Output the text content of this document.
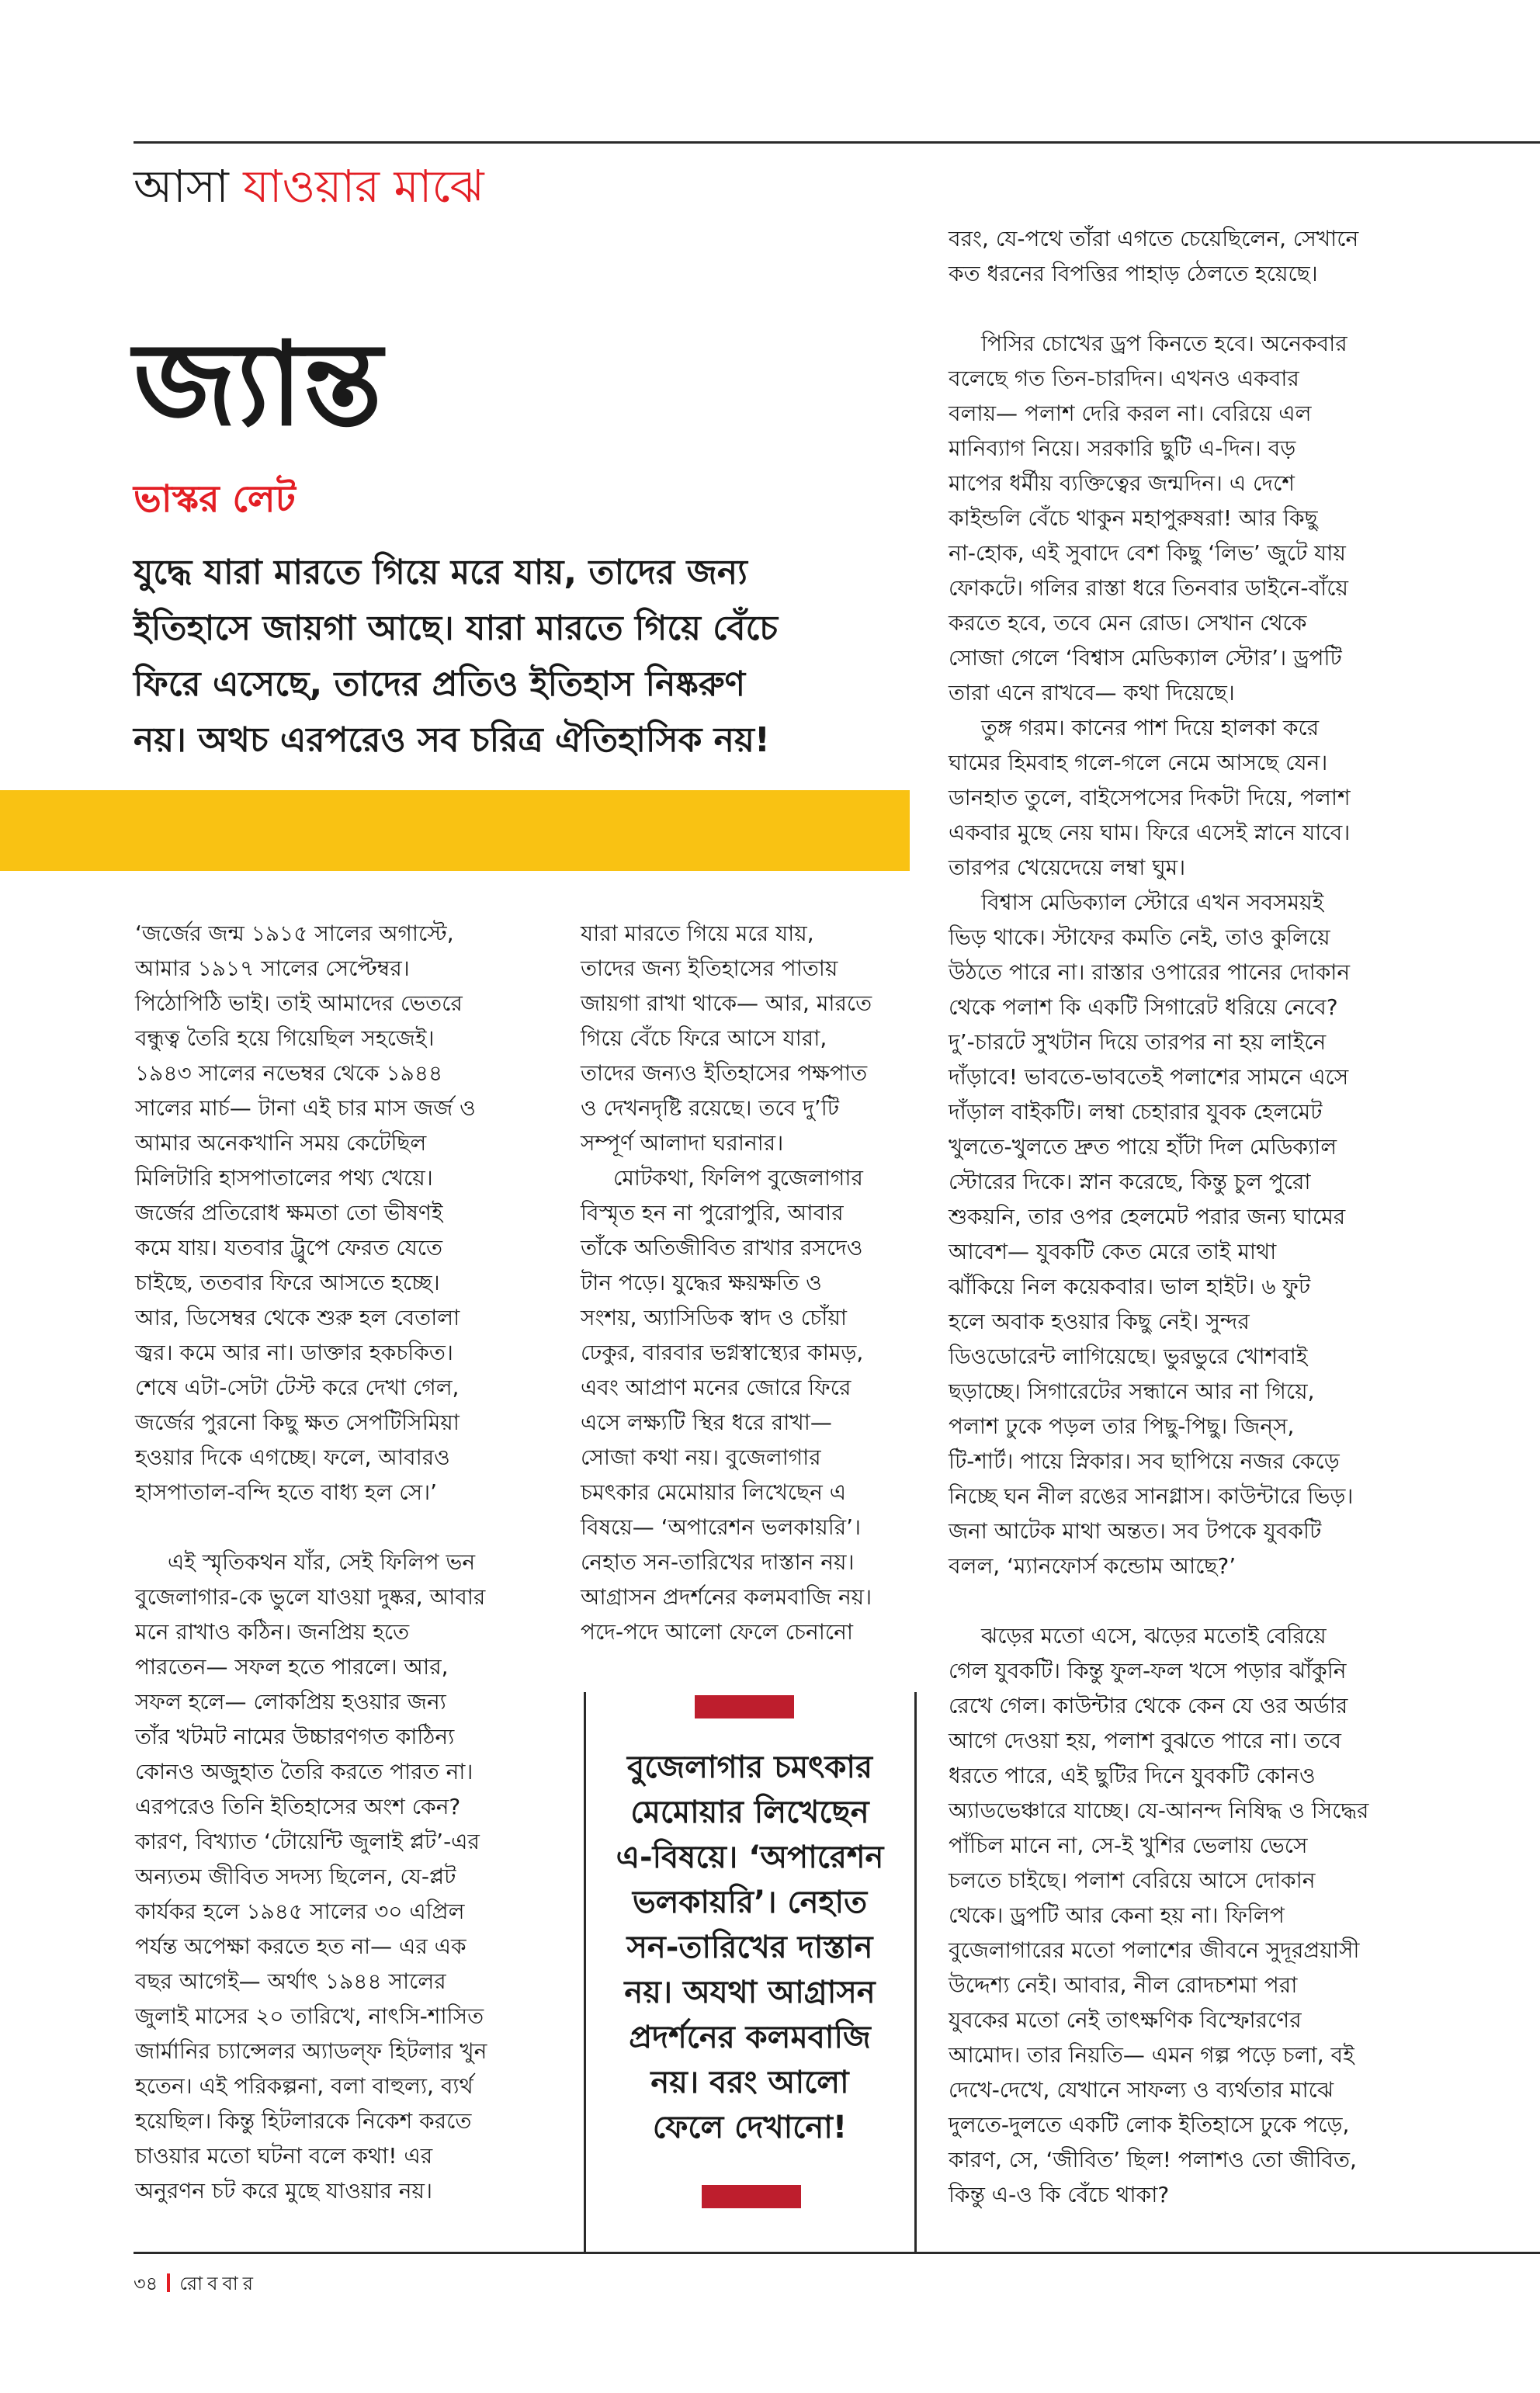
আসা যাওয়ার মাঝে
জ্যান্ত
ভাস্কর লেট
যুদ্ধে যারা মারতে গিয়ে মরে যায়, তাদের জন্য
ইতিহাসে জায়গা আছে। যারা মারতে গিয়ে বেঁচে
ফিরে এসেছে, তাদের প্রতিও ইতিহাস নিষ্করুণ
নয়। অথচ এরপরেও সব চরিত্র ঐতিহাসিক নয়!
‘জর্জের জন্ম ১৯১৫ সালের অগাস্টে,
আমার ১৯১৭ সালের সেপ্টেম্বর।
পিঠোপিঠি ভাই। তাই আমাদের ভেতরে
বন্ধুত্ব তৈরি হয়ে গিয়েছিল সহজেই।
১৯৪৩ সালের নভেম্বর থেকে ১৯৪৪
সালের মার্চ— টানা এই চার মাস জর্জ ও
আমার অনেকখানি সময় কেটেছিল
মিলিটারি হাসপাতালের পথ্য খেয়ে।
জর্জের প্রতিরোধ ক্ষমতা তো ভীষণই
কমে যায়। যতবার ট্রুপে ফেরত যেতে
চাইছে, ততবার ফিরে আসতে হচ্ছে।
আর, ডিসেম্বর থেকে শুরু হল বেতালা
জ্বর। কমে আর না। ডাক্তার হকচকিত।
শেষে এটা-সেটা টেস্ট করে দেখা গেল,
জর্জের পুরনো কিছু ক্ষত সেপটিসিমিয়া
হওয়ার দিকে এগচ্ছে। ফলে, আবারও
হাসপাতাল-বন্দি হতে বাধ্য হল সে।’
এই স্মৃতিকথন যাঁর, সেই ফিলিপ ভন
বুজেলাগার-কে ভুলে যাওয়া দুষ্কর, আবার
মনে রাখাও কঠিন। জনপ্রিয় হতে
পারতেন— সফল হতে পারলে। আর,
সফল হলে— লোকপ্রিয় হওয়ার জন্য
তাঁর খটমট নামের উচ্চারণগত কাঠিন্য
কোনও অজুহাত তৈরি করতে পারত না।
এরপরেও তিনি ইতিহাসের অংশ কেন?
কারণ, বিখ্যাত ‘টোয়েন্টি জুলাই প্লট’-এর
অন্যতম জীবিত সদস্য ছিলেন, যে-প্লট
কার্যকর হলে ১৯৪৫ সালের ৩০ এপ্রিল
পর্যন্ত অপেক্ষা করতে হত না— এর এক
বছর আগেই— অর্থাৎ ১৯৪৪ সালের
জুলাই মাসের ২০ তারিখে, নাৎসি-শাসিত
জার্মানির চ্যান্সেলর অ্যাডল্‌ফ হিটলার খুন
হতেন। এই পরিকল্পনা, বলা বাহুল্য, ব্যর্থ
হয়েছিল। কিন্তু হিটলারকে নিকেশ করতে
চাওয়ার মতো ঘটনা বলে কথা! এর
অনুরণন চট করে মুছে যাওয়ার নয়।
যারা মারতে গিয়ে মরে যায়,
তাদের জন্য ইতিহাসের পাতায়
জায়গা রাখা থাকে— আর, মারতে
গিয়ে বেঁচে ফিরে আসে যারা,
তাদের জন্যও ইতিহাসের পক্ষপাত
ও দেখনদৃষ্টি রয়েছে। তবে দু’টি
সম্পূর্ণ আলাদা ঘরানার।
মোটকথা, ফিলিপ বুজেলাগার
বিস্মৃত হন না পুরোপুরি, আবার
তাঁকে অতিজীবিত রাখার রসদেও
টান পড়ে। যুদ্ধের ক্ষয়ক্ষতি ও
সংশয়, অ্যাসিডিক স্বাদ ও চোঁয়া
ঢেকুর, বারবার ভগ্নস্বাস্থ্যের কামড়,
এবং আপ্রাণ মনের জোরে ফিরে
এসে লক্ষ্যটি স্থির ধরে রাখা—
সোজা কথা নয়। বুজেলাগার
চমৎকার মেমোয়ার লিখেছেন এ
বিষয়ে— ‘অপারেশন ভলকায়রি’।
নেহাত সন-তারিখের দাস্তান নয়।
আগ্রাসন প্রদর্শনের কলমবাজি নয়।
পদে-পদে আলো ফেলে চেনানো
বরং, যে-পথে তাঁরা এগতে চেয়েছিলেন, সেখানে
কত ধরনের বিপত্তির পাহাড় ঠেলতে হয়েছে।
পিসির চোখের ড্রপ কিনতে হবে। অনেকবার
বলেছে গত তিন-চারদিন। এখনও একবার
বলায়— পলাশ দেরি করল না। বেরিয়ে এল
মানিব্যাগ নিয়ে। সরকারি ছুটি এ-দিন। বড়
মাপের ধর্মীয় ব্যক্তিত্বের জন্মদিন। এ দেশে
কাইন্ডলি বেঁচে থাকুন মহাপুরুষরা! আর কিছু
না-হোক, এই সুবাদে বেশ কিছু ‘লিভ’ জুটে যায়
ফোকটে। গলির রাস্তা ধরে তিনবার ডাইনে-বাঁয়ে
করতে হবে, তবে মেন রোড। সেখান থেকে
সোজা গেলে ‘বিশ্বাস মেডিক্যাল স্টোর’। ড্রপটি
তারা এনে রাখবে— কথা দিয়েছে।
তুঙ্গ গরম। কানের পাশ দিয়ে হালকা করে
ঘামের হিমবাহ গলে-গলে নেমে আসছে যেন।
ডানহাত তুলে, বাইসেপসের দিকটা দিয়ে, পলাশ
একবার মুছে নেয় ঘাম। ফিরে এসেই স্নানে যাবে।
তারপর খেয়েদেয়ে লম্বা ঘুম।
বিশ্বাস মেডিক্যাল স্টোরে এখন সবসময়ই
ভিড় থাকে। স্টাফের কমতি নেই, তাও কুলিয়ে
উঠতে পারে না। রাস্তার ওপারের পানের দোকান
থেকে পলাশ কি একটি সিগারেট ধরিয়ে নেবে?
দু’-চারটে সুখটান দিয়ে তারপর না হয় লাইনে
দাঁড়াবে! ভাবতে-ভাবতেই পলাশের সামনে এসে
দাঁড়াল বাইকটি। লম্বা চেহারার যুবক হেলমেট
খুলতে-খুলতে দ্রুত পায়ে হাঁটা দিল মেডিক্যাল
স্টোরের দিকে। স্নান করেছে, কিন্তু চুল পুরো
শুকয়নি, তার ওপর হেলমেট পরার জন্য ঘামের
আবেশ— যুবকটি কেত মেরে তাই মাথা
ঝাঁকিয়ে নিল কয়েকবার। ভাল হাইট। ৬ ফুট
হলে অবাক হওয়ার কিছু নেই। সুন্দর
ডিওডোরেন্ট লাগিয়েছে। ভুরভুরে খোশবাই
ছড়াচ্ছে। সিগারেটের সন্ধানে আর না গিয়ে,
পলাশ ঢুকে পড়ল তার পিছু-পিছু। জিন্‌স,
টি-শার্ট। পায়ে স্নিকার। সব ছাপিয়ে নজর কেড়ে
নিচ্ছে ঘন নীল রঙের সানগ্লাস। কাউন্টারে ভিড়।
জনা আটেক মাথা অন্তত। সব টপকে যুবকটি
বলল, ‘ম্যানফোর্স কন্ডোম আছে?’
ঝড়ের মতো এসে, ঝড়ের মতোই বেরিয়ে
গেল যুবকটি। কিন্তু ফুল-ফল খসে পড়ার ঝাঁকুনি
রেখে গেল। কাউন্টার থেকে কেন যে ওর অর্ডার
আগে দেওয়া হয়, পলাশ বুঝতে পারে না। তবে
ধরতে পারে, এই ছুটির দিনে যুবকটি কোনও
অ্যাডভেঞ্চারে যাচ্ছে। যে-আনন্দ নিষিদ্ধ ও সিদ্ধের
পাঁচিল মানে না, সে-ই খুশির ভেলায় ভেসে
চলতে চাইছে। পলাশ বেরিয়ে আসে দোকান
থেকে। ড্রপটি আর কেনা হয় না। ফিলিপ
বুজেলাগারের মতো পলাশের জীবনে সুদূরপ্রয়াসী
উদ্দেশ্য নেই। আবার, নীল রোদচশমা পরা
যুবকের মতো নেই তাৎক্ষণিক বিস্ফোরণের
আমোদ। তার নিয়তি— এমন গল্প পড়ে চলা, বই
দেখে-দেখে, যেখানে সাফল্য ও ব্যর্থতার মাঝে
দুলতে-দুলতে একটি লোক ইতিহাসে ঢুকে পড়ে,
কারণ, সে, ‘জীবিত’ ছিল! পলাশও তো জীবিত,
কিন্তু এ-ও কি বেঁচে থাকা?
বুজেলাগার চমৎকার
মেমোয়ার লিখেছেন
এ-বিষয়ে। ‘অপারেশন
ভলকায়রি’। নেহাত
সন-তারিখের দাস্তান
নয়। অযথা আগ্রাসন
প্রদর্শনের কলমবাজি
নয়। বরং আলো
ফেলে দেখানো!
৩৪ রোববার
